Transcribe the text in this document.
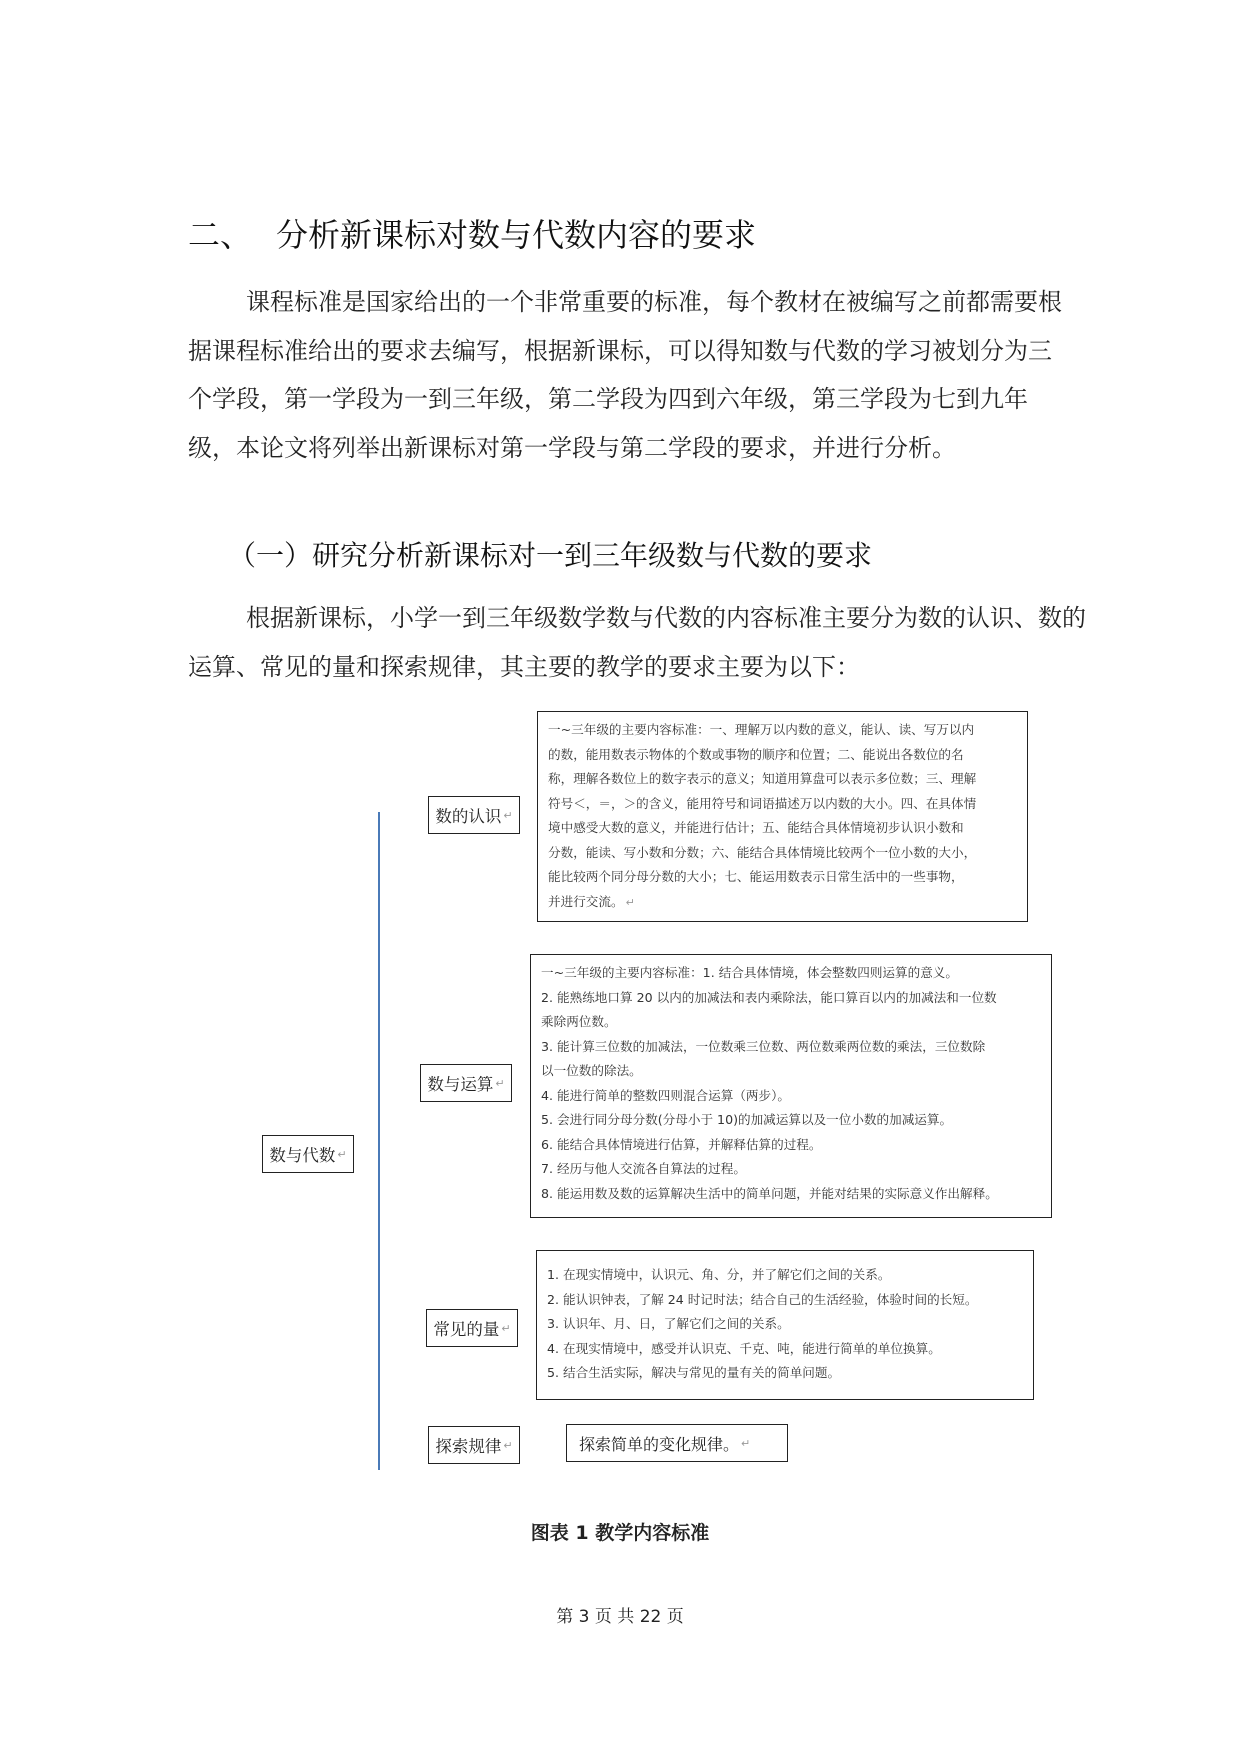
二、 分析新课标对数与代数内容的要求
课程标准是国家给出的一个非常重要的标准，每个教材在被编写之前都需要根据课程标准给出的要求去编写，根据新课标，可以得知数与代数的学习被划分为三个学段，第一学段为一到三年级，第二学段为四到六年级，第三学段为七到九年级，本论文将列举出新课标对第一学段与第二学段的要求，并进行分析。
（一）研究分析新课标对一到三年级数与代数的要求
根据新课标，小学一到三年级数学数与代数的内容标准主要分为数的认识、数的运算、常见的量和探索规律，其主要的教学的要求主要为以下：
数与代数 ↵
数的认识 ↵
一~三年级的主要内容标准：一、理解万以内数的意义，能认、读、写万以内
的数，能用数表示物体的个数或事物的顺序和位置；二、能说出各数位的名
称，理解各数位上的数字表示的意义；知道用算盘可以表示多位数；三、理解
符号＜，＝，＞的含义，能用符号和词语描述万以内数的大小。四、在具体情
境中感受大数的意义，并能进行估计；五、能结合具体情境初步认识小数和
分数，能读、写小数和分数；六、能结合具体情境比较两个一位小数的大小，
能比较两个同分母分数的大小；七、能运用数表示日常生活中的一些事物，
并进行交流。 ↵
数与运算 ↵
一~三年级的主要内容标准：1. 结合具体情境，体会整数四则运算的意义。
2. 能熟练地口算 20 以内的加减法和表内乘除法，能口算百以内的加减法和一位数
乘除两位数。
3. 能计算三位数的加减法，一位数乘三位数、两位数乘两位数的乘法，三位数除
以一位数的除法。
4. 能进行简单的整数四则混合运算（两步）。
5. 会进行同分母分数(分母小于 10)的加减运算以及一位小数的加减运算。
6. 能结合具体情境进行估算，并解释估算的过程。
7. 经历与他人交流各自算法的过程。
8. 能运用数及数的运算解决生活中的简单问题，并能对结果的实际意义作出解释。
常见的量 ↵
1. 在现实情境中，认识元、角、分，并了解它们之间的关系。
2. 能认识钟表，了解 24 时记时法；结合自己的生活经验，体验时间的长短。
3. 认识年、月、日，了解它们之间的关系。
4. 在现实情境中，感受并认识克、千克、吨，能进行简单的单位换算。
5. 结合生活实际，解决与常见的量有关的简单问题。
探索规律 ↵	探索简单的变化规律。 ↵
图表 1 教学内容标准
第 3 页 共 22 页
